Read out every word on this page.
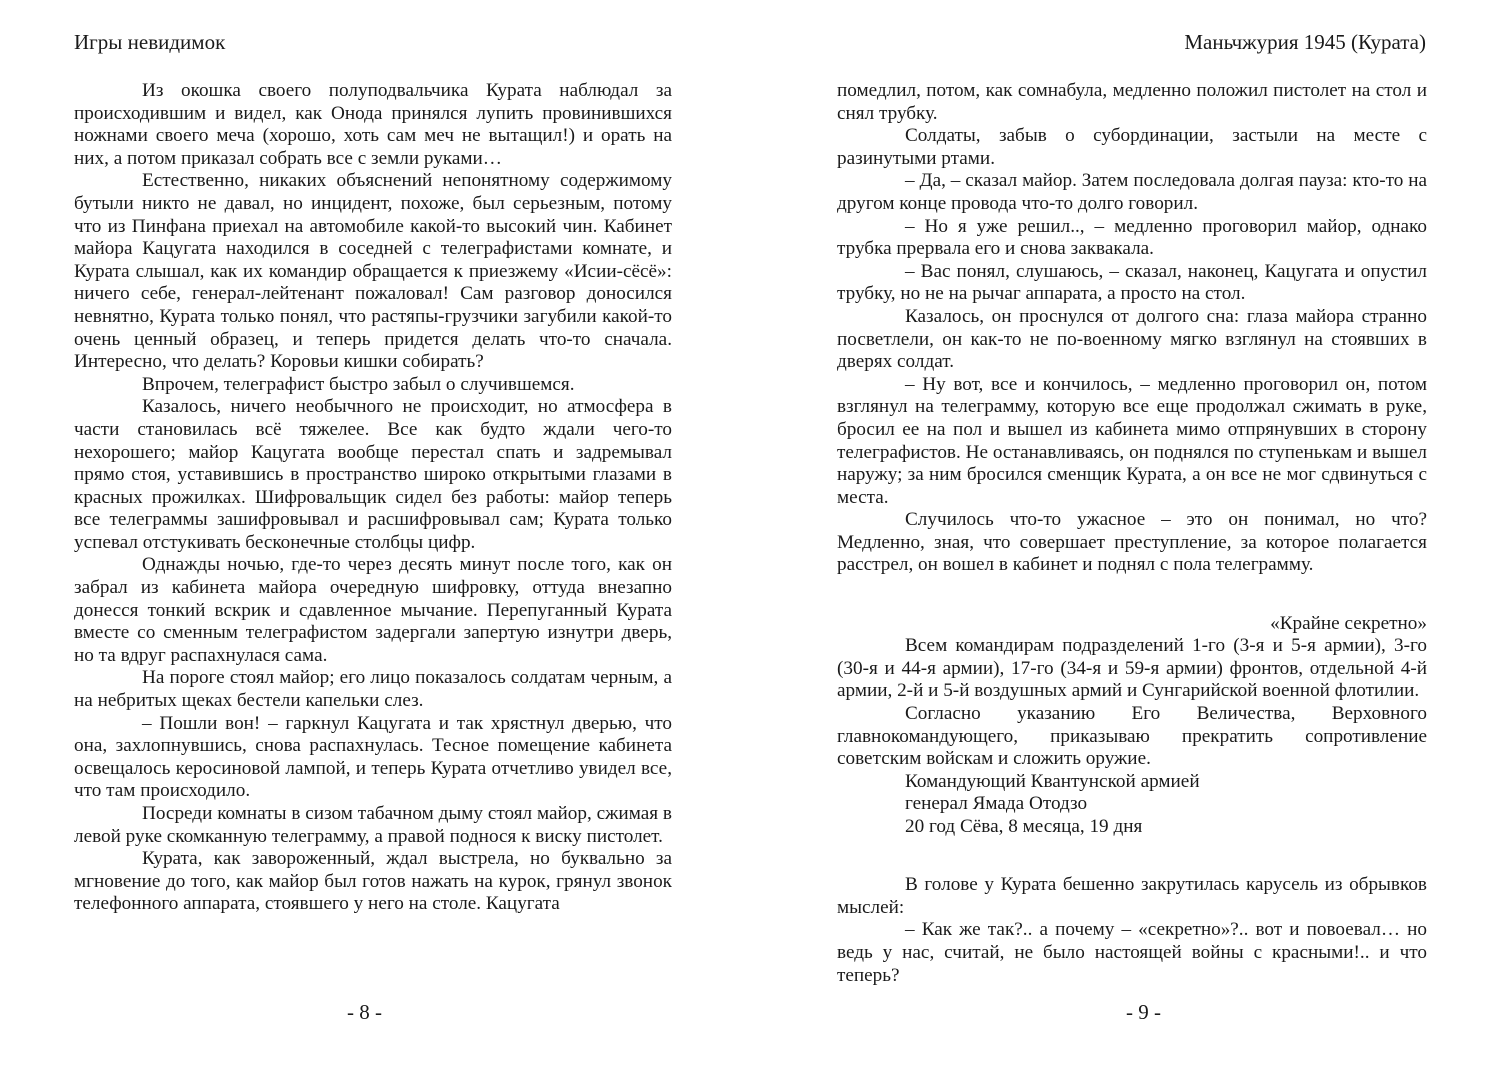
Игры невидимок

Из окошка своего полуподвальчика Курата наблюдал за происходившим и видел, как Онода принялся лупить провинившихся ножнами своего меча (хорошо, хоть сам меч не вытащил!) и орать на них, а потом приказал собрать все с земли руками…

Естественно, никаких объяснений непонятному содержимому бутыли никто не давал, но инцидент, похоже, был серьезным, потому что из Пинфана приехал на автомобиле какой-то высокий чин. Кабинет майора Кацугата находился в соседней с телеграфистами комнате, и Курата слышал, как их командир обращается к приезжему «Исии-сёсё»: ничего себе, генерал-лейтенант пожаловал! Сам разговор доносился невнятно, Курата только понял, что растяпы-грузчики загубили какой-то очень ценный образец, и теперь придется делать что-то сначала. Интересно, что делать? Коровьи кишки собирать?

Впрочем, телеграфист быстро забыл о случившемся.

Казалось, ничего необычного не происходит, но атмосфера в части становилась всё тяжелее. Все как будто ждали чего-то нехорошего; майор Кацугата вообще перестал спать и задремывал прямо стоя, уставившись в пространство широко открытыми глазами в красных прожилках. Шифровальщик сидел без работы: майор теперь все телеграммы зашифровывал и расшифровывал сам; Курата только успевал отстукивать бесконечные столбцы цифр.

Однажды ночью, где-то через десять минут после того, как он забрал из кабинета майора очередную шифровку, оттуда внезапно донесся тонкий вскрик и сдавленное мычание. Перепуганный Курата вместе со сменным телеграфистом задергали запертую изнутри дверь, но та вдруг распахнулася сама.

На пороге стоял майор; его лицо показалось солдатам черным, а на небритых щеках бестели капельки слез.

– Пошли вон! – гаркнул Кацугата и так хрястнул дверью, что она, захлопнувшись, снова распахнулась. Тесное помещение кабинета освещалось керосиновой лампой, и теперь Курата отчетливо увидел все, что там происходило.

Посреди комнаты в сизом табачном дыму стоял майор, сжимая в левой руке скомканную телеграмму, а правой поднося к виску пистолет.

Курата, как завороженный, ждал выстрела, но буквально за мгновение до того, как майор был готов нажать на курок, грянул звонок телефонного аппарата, стоявшего у него на столе. Кацугата

- 8 -
Маньчжурия 1945 (Курата)

помедлил, потом, как сомнабула, медленно положил пистолет на стол и снял трубку.

Солдаты, забыв о субординации, застыли на месте с разинутыми ртами.

– Да, – сказал майор. Затем последовала долгая пауза: кто-то на другом конце провода что-то долго говорил.

– Но я уже решил.., – медленно проговорил майор, однако трубка прервала его и снова заквакала.

– Вас понял, слушаюсь, – сказал, наконец, Кацугата и опустил трубку, но не на рычаг аппарата, а просто на стол.

Казалось, он проснулся от долгого сна: глаза майора странно посветлели, он как-то не по-военному мягко взглянул на стоявших в дверях солдат.

– Ну вот, все и кончилось, – медленно проговорил он, потом взглянул на телеграмму, которую все еще продолжал сжимать в руке, бросил ее на пол и вышел из кабинета мимо отпрянувших в сторону телеграфистов. Не останавливаясь, он поднялся по ступенькам и вышел наружу; за ним бросился сменщик Курата, а он все не мог сдвинуться с места.

Случилось что-то ужасное – это он понимал, но что? Медленно, зная, что совершает преступление, за которое полагается расстрел, он вошел в кабинет и поднял с пола телеграмму.

«Крайне секретно»

Всем командирам подразделений 1-го (3-я и 5-я армии), 3-го (30-я и 44-я армии), 17-го (34-я и 59-я армии) фронтов, отдельной 4-й армии, 2-й и 5-й воздушных армий и Сунгарийской военной флотилии.

Согласно указанию Его Величества, Верховного главнокомандующего, приказываю прекратить сопротивление советским войскам и сложить оружие.

Командующий Квантунской армией

генерал Ямада Отодзо

20 год Сёва, 8 месяца, 19 дня

В голове у Курата бешенно закрутилась карусель из обрывков мыслей:

– Как же так?.. а почему – «секретно»?.. вот и повоевал… но ведь у нас, считай, не было настоящей войны с красными!.. и что теперь?

- 9 -
